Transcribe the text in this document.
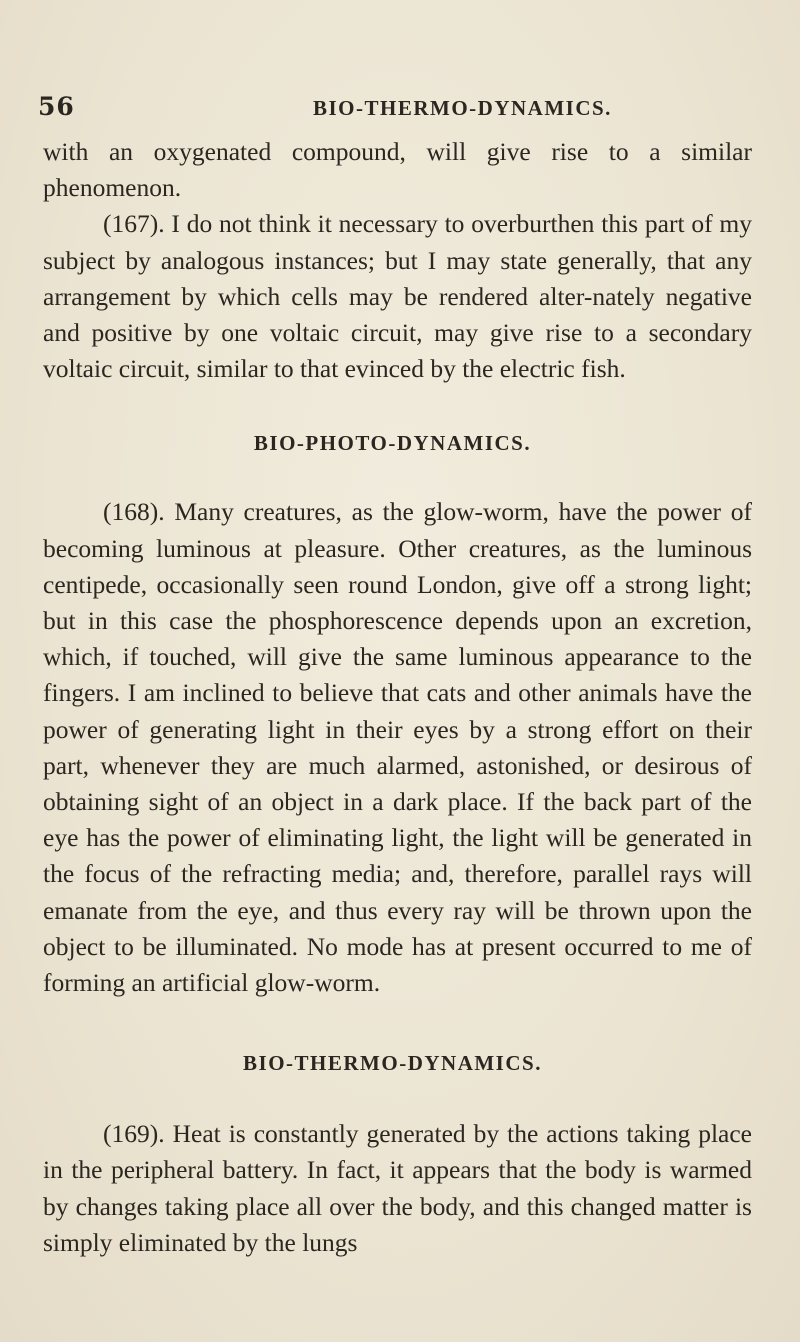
56	BIO-THERMO-DYNAMICS.

with an oxygenated compound, will give rise to a similar phenomenon.

(167). I do not think it necessary to overburthen this part of my subject by analogous instances; but I may state generally, that any arrangement by which cells may be rendered alter-nately negative and positive by one voltaic circuit, may give rise to a secondary voltaic circuit, similar to that evinced by the electric fish.

BIO-PHOTO-DYNAMICS.

(168). Many creatures, as the glow-worm, have the power of becoming luminous at pleasure. Other creatures, as the luminous centipede, occasionally seen round London, give off a strong light; but in this case the phosphorescence depends upon an excretion, which, if touched, will give the same luminous appearance to the fingers. I am inclined to believe that cats and other animals have the power of generating light in their eyes by a strong effort on their part, whenever they are much alarmed, astonished, or desirous of obtaining sight of an object in a dark place. If the back part of the eye has the power of eliminating light, the light will be generated in the focus of the refracting media; and, therefore, parallel rays will emanate from the eye, and thus every ray will be thrown upon the object to be illuminated. No mode has at present occurred to me of forming an artificial glow-worm.

BIO-THERMO-DYNAMICS.

(169). Heat is constantly generated by the actions taking place in the peripheral battery. In fact, it appears that the body is warmed by changes taking place all over the body, and this changed matter is simply eliminated by the lungs
